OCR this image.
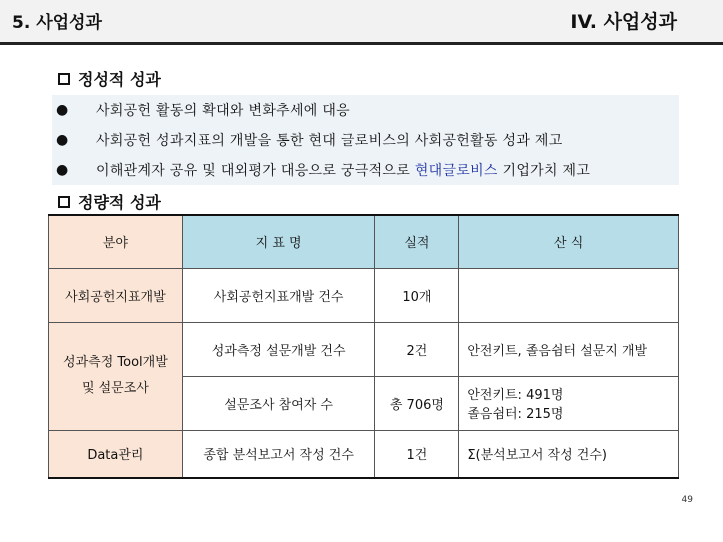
5. 사업성과	IV. 사업성과
정성적 성과
●	사회공헌 활동의 확대와 변화추세에 대응
●	사회공헌 성과지표의 개발을 통한 현대 글로비스의 사회공헌활동 성과 제고
●	이해관계자 공유 및 대외평가 대응으로 궁극적으로 현대글로비스 기업가치 제고
정량적 성과
분야	지 표 명	실적	산 식
사회공헌지표개발	사회공헌지표개발 건수	10개	
성과측정 Tool개발 및 설문조사	성과측정 설문개발 건수	2건	안전키트, 졸음쉼터 설문지 개발
	설문조사 참여자 수	총 706명	안전키트: 491명
졸음쉼터: 215명

Data관리	종합 분석보고서 작성 건수	1건	Σ(분석보고서 작성 건수)
49
